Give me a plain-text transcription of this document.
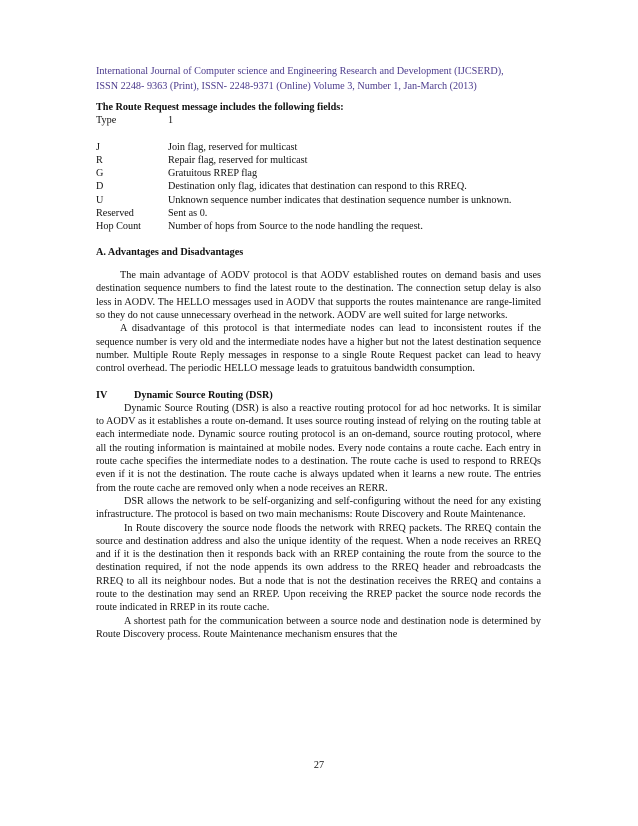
International Journal of Computer science and Engineering Research and Development (IJCSERD),

ISSN 2248- 9363 (Print), ISSN- 2248-9371 (Online) Volume 3, Number 1, Jan-March (2013)

The Route Request message includes the following fields:

Type	1
J	Join flag, reserved for multicast
R	Repair flag, reserved for multicast
G	Gratuitous RREP flag
D	Destination only flag, idicates that destination can respond to this RREQ.
U	Unknown sequence number indicates that destination sequence number is unknown.
Reserved	Sent as 0.
Hop Count	Number of hops from Source to the node handling the request.

A. Advantages and Disadvantages

The main advantage of AODV protocol is that AODV established routes on demand basis and uses destination sequence numbers to find the latest route to the destination. The connection setup delay is also less in AODV. The HELLO messages used in AODV that supports the routes maintenance are range-limited so they do not cause unnecessary overhead in the network. AODV are well suited for large networks.

A disadvantage of this protocol is that intermediate nodes can lead to inconsistent routes if the sequence number is very old and the intermediate nodes have a higher but not the latest destination sequence number. Multiple Route Reply messages in response to a single Route Request packet can lead to heavy control overhead. The periodic HELLO message leads to gratuitous bandwidth consumption.

IV	Dynamic Source Routing (DSR)

Dynamic Source Routing (DSR) is also a reactive routing protocol for ad hoc networks. It is similar to AODV as it establishes a route on-demand. It uses source routing instead of relying on the routing table at each intermediate node. Dynamic source routing protocol is an on-demand, source routing protocol, where all the routing information is maintained at mobile nodes. Every node contains a route cache. Each entry in route cache specifies the intermediate nodes to a destination. The route cache is used to respond to RREQs even if it is not the destination. The route cache is always updated when it learns a new route. The entries from the route cache are removed only when a node receives an RERR.

DSR allows the network to be self-organizing and self-configuring without the need for any existing infrastructure. The protocol is based on two main mechanisms: Route Discovery and Route Maintenance.

In Route discovery the source node floods the network with RREQ packets. The RREQ contain the source and destination address and also the unique identity of the request. When a node receives an RREQ and if it is the destination then it responds back with an RREP containing the route from the source to the destination required, if not the node appends its own address to the RREQ header and rebroadcasts the RREQ to all its neighbour nodes. But a node that is not the destination receives the RREQ and contains a route to the destination may send an RREP. Upon receiving the RREP packet the source node records the route indicated in RREP in its route cache.

A shortest path for the communication between a source node and destination node is determined by Route Discovery process. Route Maintenance mechanism ensures that the

27
